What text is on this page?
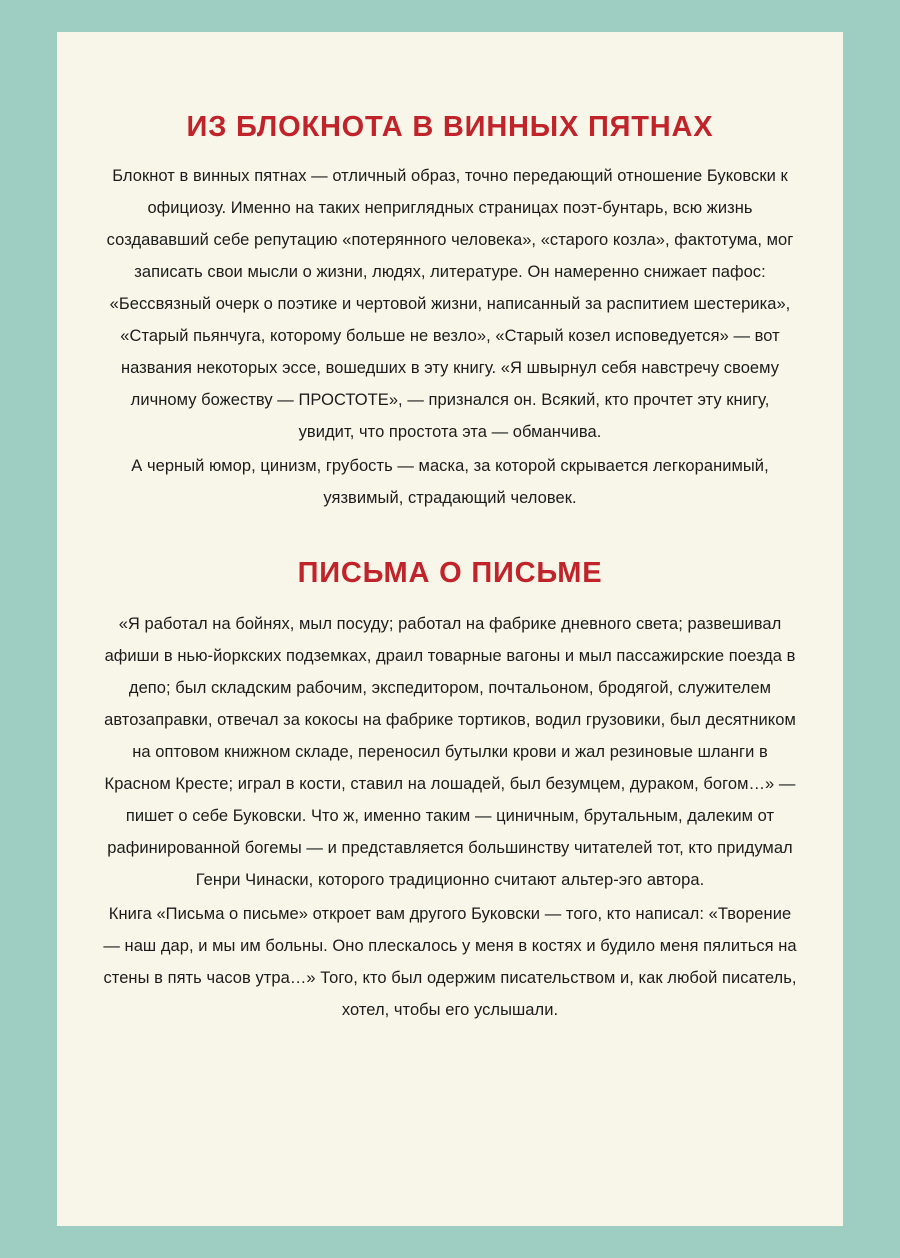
ИЗ БЛОКНОТА В ВИННЫХ ПЯТНАХ

Блокнот в винных пятнах — отличный образ, точно передающий отношение Буковски к официозу. Именно на таких неприглядных страницах поэт-бунтарь, всю жизнь создававший себе репутацию «потерянного человека», «старого козла», фактотума, мог записать свои мысли о жизни, людях, литературе. Он намеренно снижает пафос: «Бессвязный очерк о поэтике и чертовой жизни, написанный за распитием шестерика», «Старый пьянчуга, которому больше не везло», «Старый козел исповедуется» — вот названия некоторых эссе, вошедших в эту книгу. «Я швырнул себя навстречу своему личному божеству — ПРОСТОТЕ», — признался он. Всякий, кто прочтет эту книгу, увидит, что простота эта — обманчива.

А черный юмор, цинизм, грубость — маска, за которой скрывается легкоранимый, уязвимый, страдающий человек.

ПИСЬМА О ПИСЬМЕ

«Я работал на бойнях, мыл посуду; работал на фабрике дневного света; развешивал афиши в нью-йоркских подземках, драил товарные вагоны и мыл пассажирские поезда в депо; был складским рабочим, экспедитором, почтальоном, бродягой, служителем автозаправки, отвечал за кокосы на фабрике тортиков, водил грузовики, был десятником на оптовом книжном складе, переносил бутылки крови и жал резиновые шланги в Красном Кресте; играл в кости, ставил на лошадей, был безумцем, дураком, богом…» — пишет о себе Буковски. Что ж, именно таким — циничным, брутальным, далеким от рафинированной богемы — и представляется большинству читателей тот, кто придумал Генри Чинаски, которого традиционно считают альтер-эго автора.

Книга «Письма о письме» откроет вам другого Буковски — того, кто написал: «Творение — наш дар, и мы им больны. Оно плескалось у меня в костях и будило меня пялиться на стены в пять часов утра…» Того, кто был одержим писательством и, как любой писатель, хотел, чтобы его услышали.
